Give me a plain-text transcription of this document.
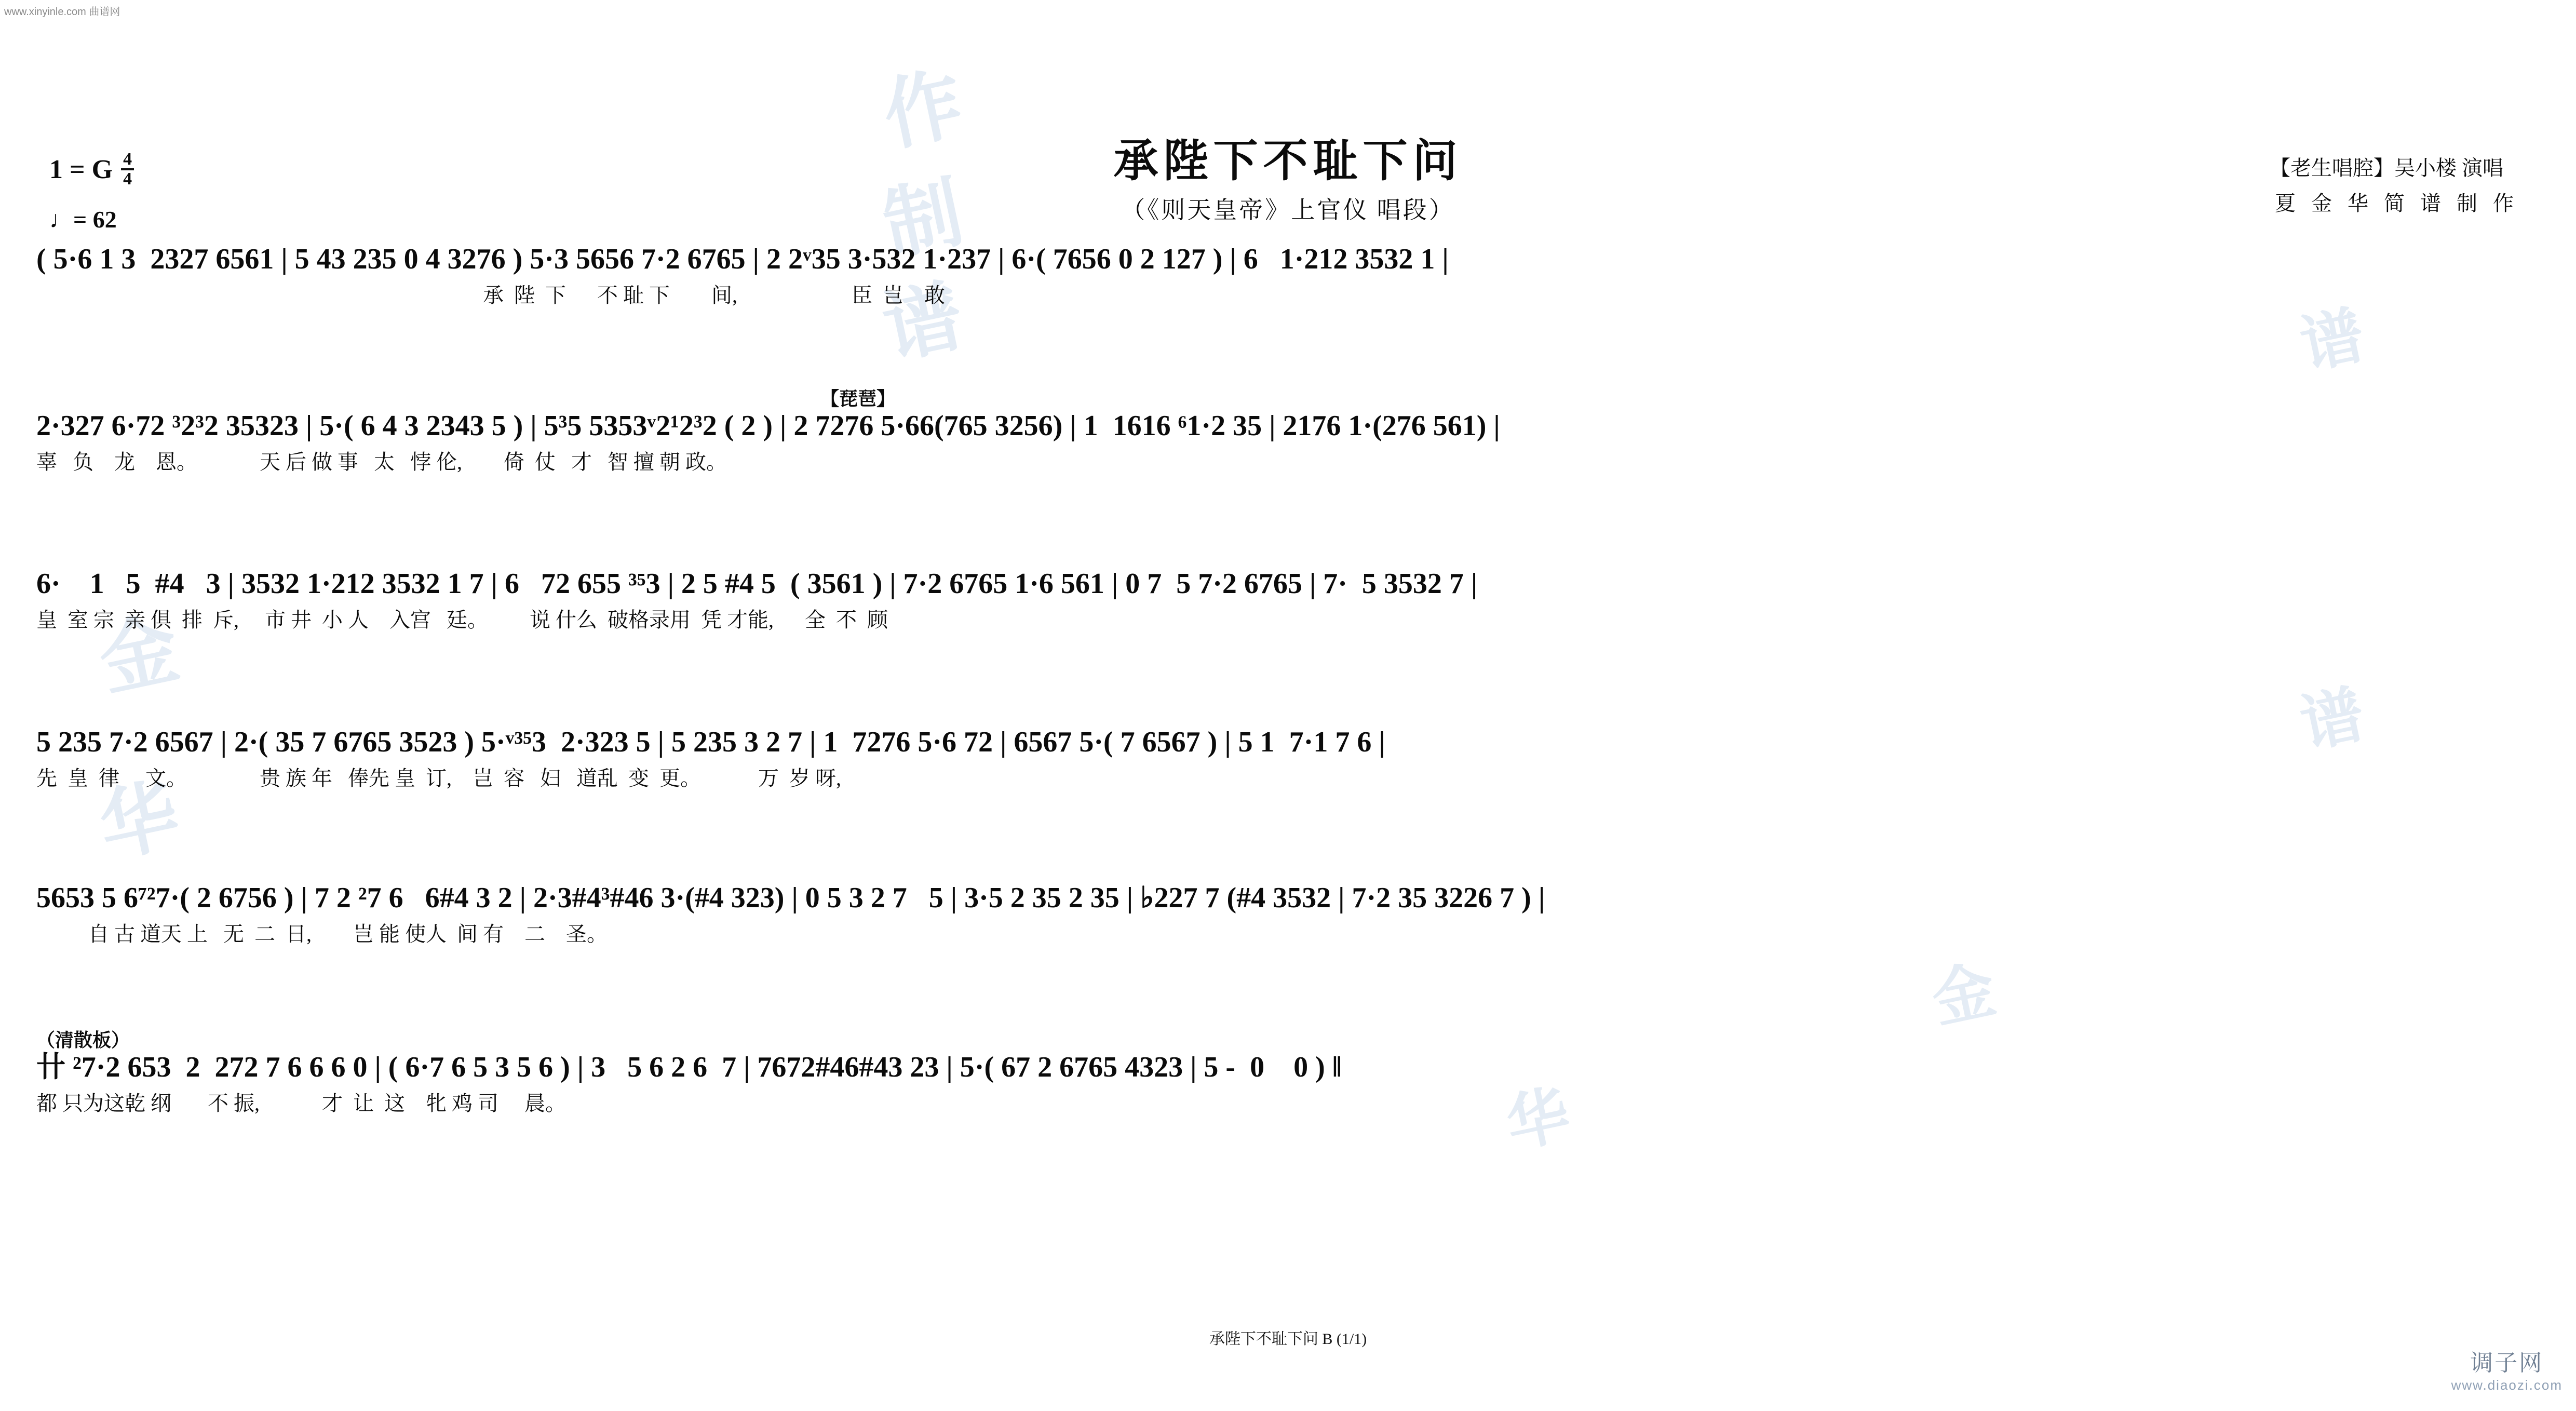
作
制
谱
金
华
谱
谱
金
华
www.xinyinle.com 曲谱网
1 = G $\frac{4}{4}$
♩= 62
承陛下不耻下问
（《则天皇帝》上官仪 唱段）
【老生唱腔】吴小楼 演唱
夏 金 华 简 谱 制 作
( 5·6 1 3  2327 6561 | 5 43 235 0 4 3276 ) 5·3 5656 7·2 6765 | 2 2ᵛ35 3·532 1·237 | 6·( 7656 0 2 127 ) | 6   1·212 3532 1 |
承  陛  下      不 耻 下        间,                      臣  岂    敢
【琵琶】
2·327 6·72 ³2³2 35323 | 5·( 6 4 3 2343 5 ) | 5³5 5353ᵛ2¹2³2 ( 2 ) | 2 7276 5·66(765 3256) | 1  1616 ⁶1·2 35 | 2176 1·(276 561) |
辜   负    龙    恩。            天 后 做 事   太   悖 伦,        倚  仗   才   智 擅 朝 政。
6·    1   5  #4   3 | 3532 1·212 3532 1 7 | 6   72 655 ³⁵3 | 2 5 #4 5  ( 3561 ) | 7·2 6765 1·6 561 | 0 7  5 7·2 6765 | 7·  5 3532 7 |
皇  室 宗  亲 俱  排  斥,     市 井  小 人    入宫   廷。        说 什么  破格录用  凭 才能,      全  不  顾
5 235 7·2 6567 | 2·( 35 7 6765 3523 ) 5·ᵛ³⁵3  2·323 5 | 5 235 3 2 7 | 1  7276 5·6 72 | 6567 5·( 7 6567 ) | 5 1  7·1 7 6 |
先  皇  律     文。              贵 族 年   俸先 皇  订,    岂  容   妇   道乱  变  更。           万  岁 呀,
5653 5 6⁷²7·( 2 6756 ) | 7 2 ²7 6   6#4 3 2 | 2·3#4³#46 3·(#4 323) | 0 5 3 2 7   5 | 3·5 2 35 2 35 | ♭227 7 (#4 3532 | 7·2 35 3226 7 ) |
自 古 道天 上   无  二  日,        岂 能 使人  间 有    二    圣。
（清散板）
卄 ²7·2 653  2  272 7 6 6 6 0 | ( 6·7 6 5 3 5 6 ) | 3   5 6 2 6  7 | 7672#46#43 23 | 5·( 67 2 6765 4323 | 5 -  0    0 ) ‖
都 只为这乾 纲       不 振,            才  让  这    牝 鸡 司     晨。
承陛下不耻下问 B (1/1)
调子网
www.diaozi.com
